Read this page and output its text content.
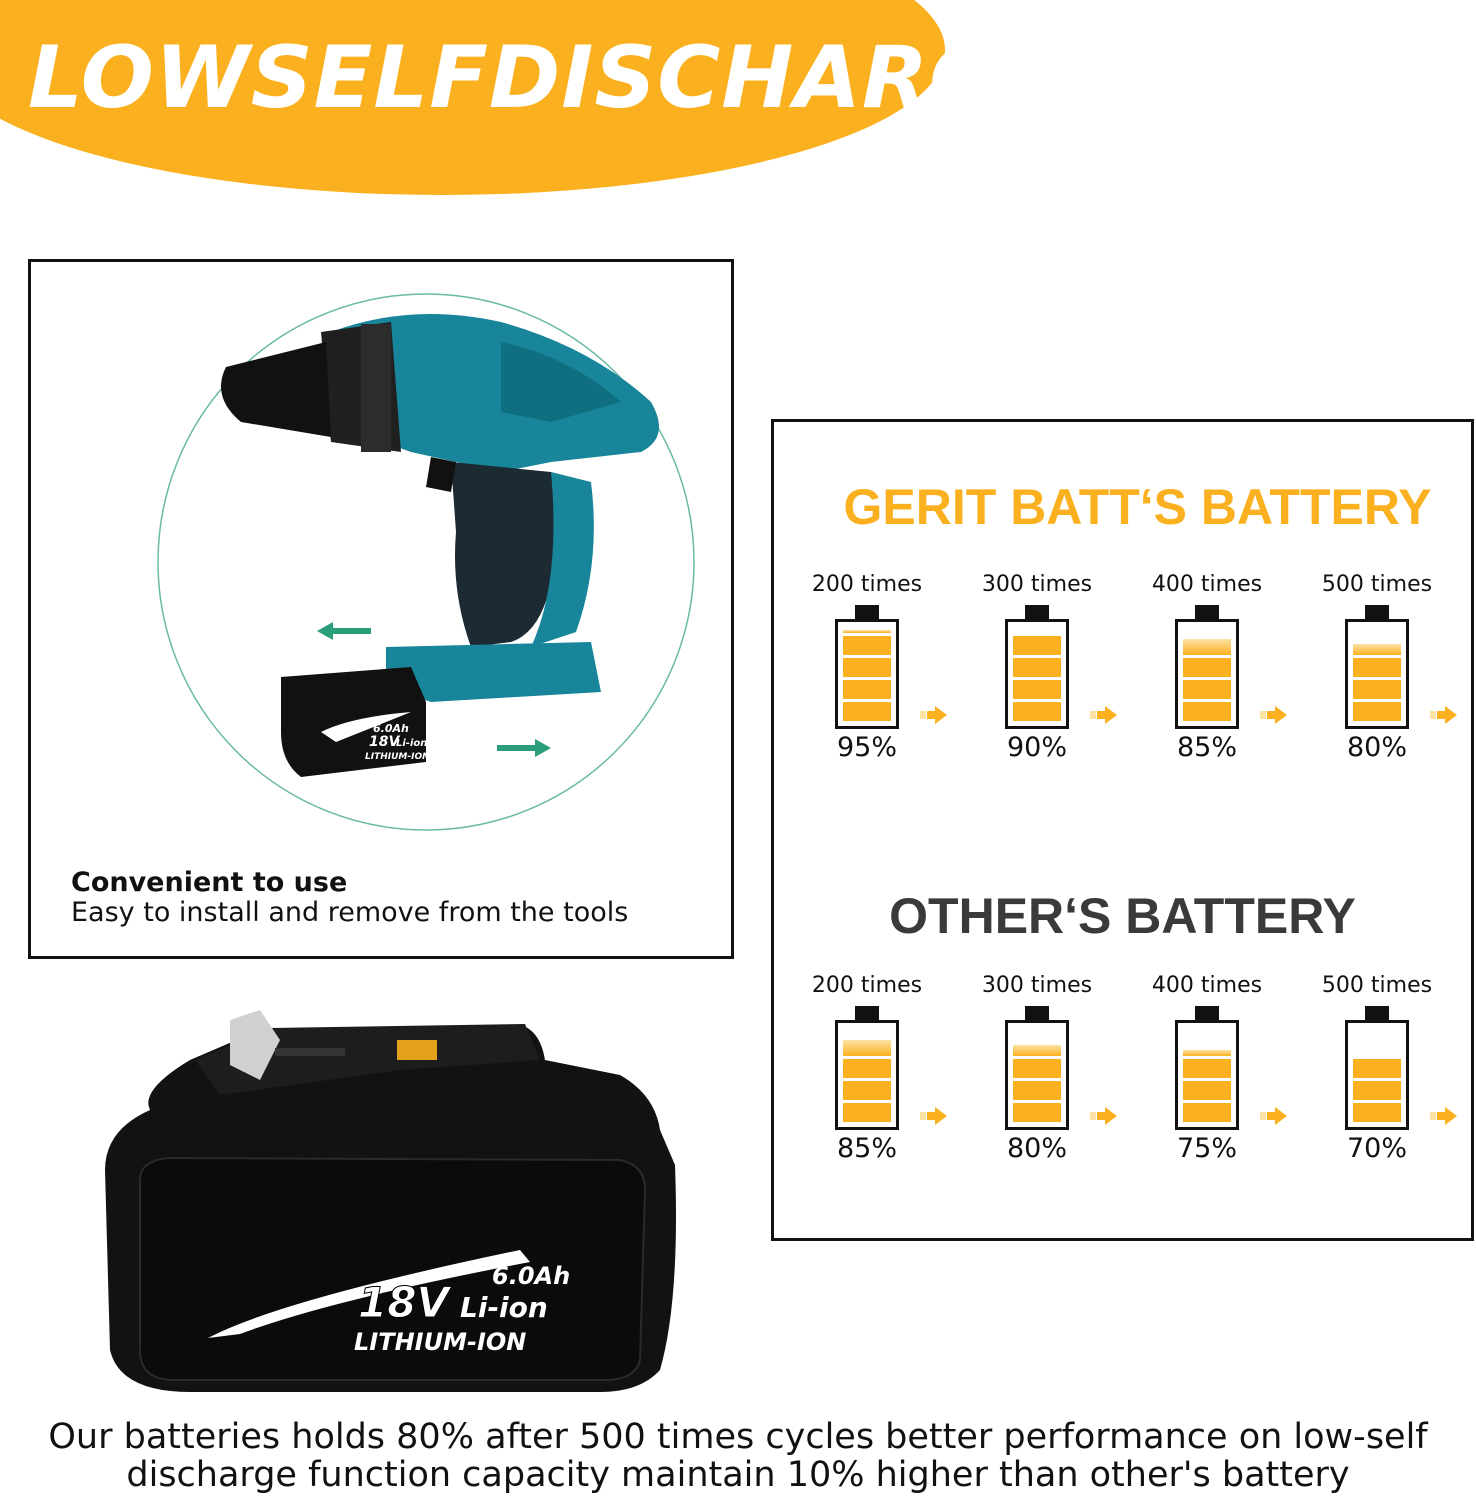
LOWSELFDISCHARGE
6.0Ah
18V
Li-ion
LITHIUM-ION
Convenient to use
Easy to install and remove from the tools
GERIT BATT‘S BATTERY
200 times
95%
300 times
90%
400 times
85%
500 times
80%
OTHER‘S BATTERY
200 times
85%
300 times
80%
400 times
75%
500 times
70%
6.0Ah
18V Li-ion
LITHIUM-ION
Our batteries holds 80% after 500 times cycles better performance on low-self
discharge function capacity maintain 10% higher than other's battery
